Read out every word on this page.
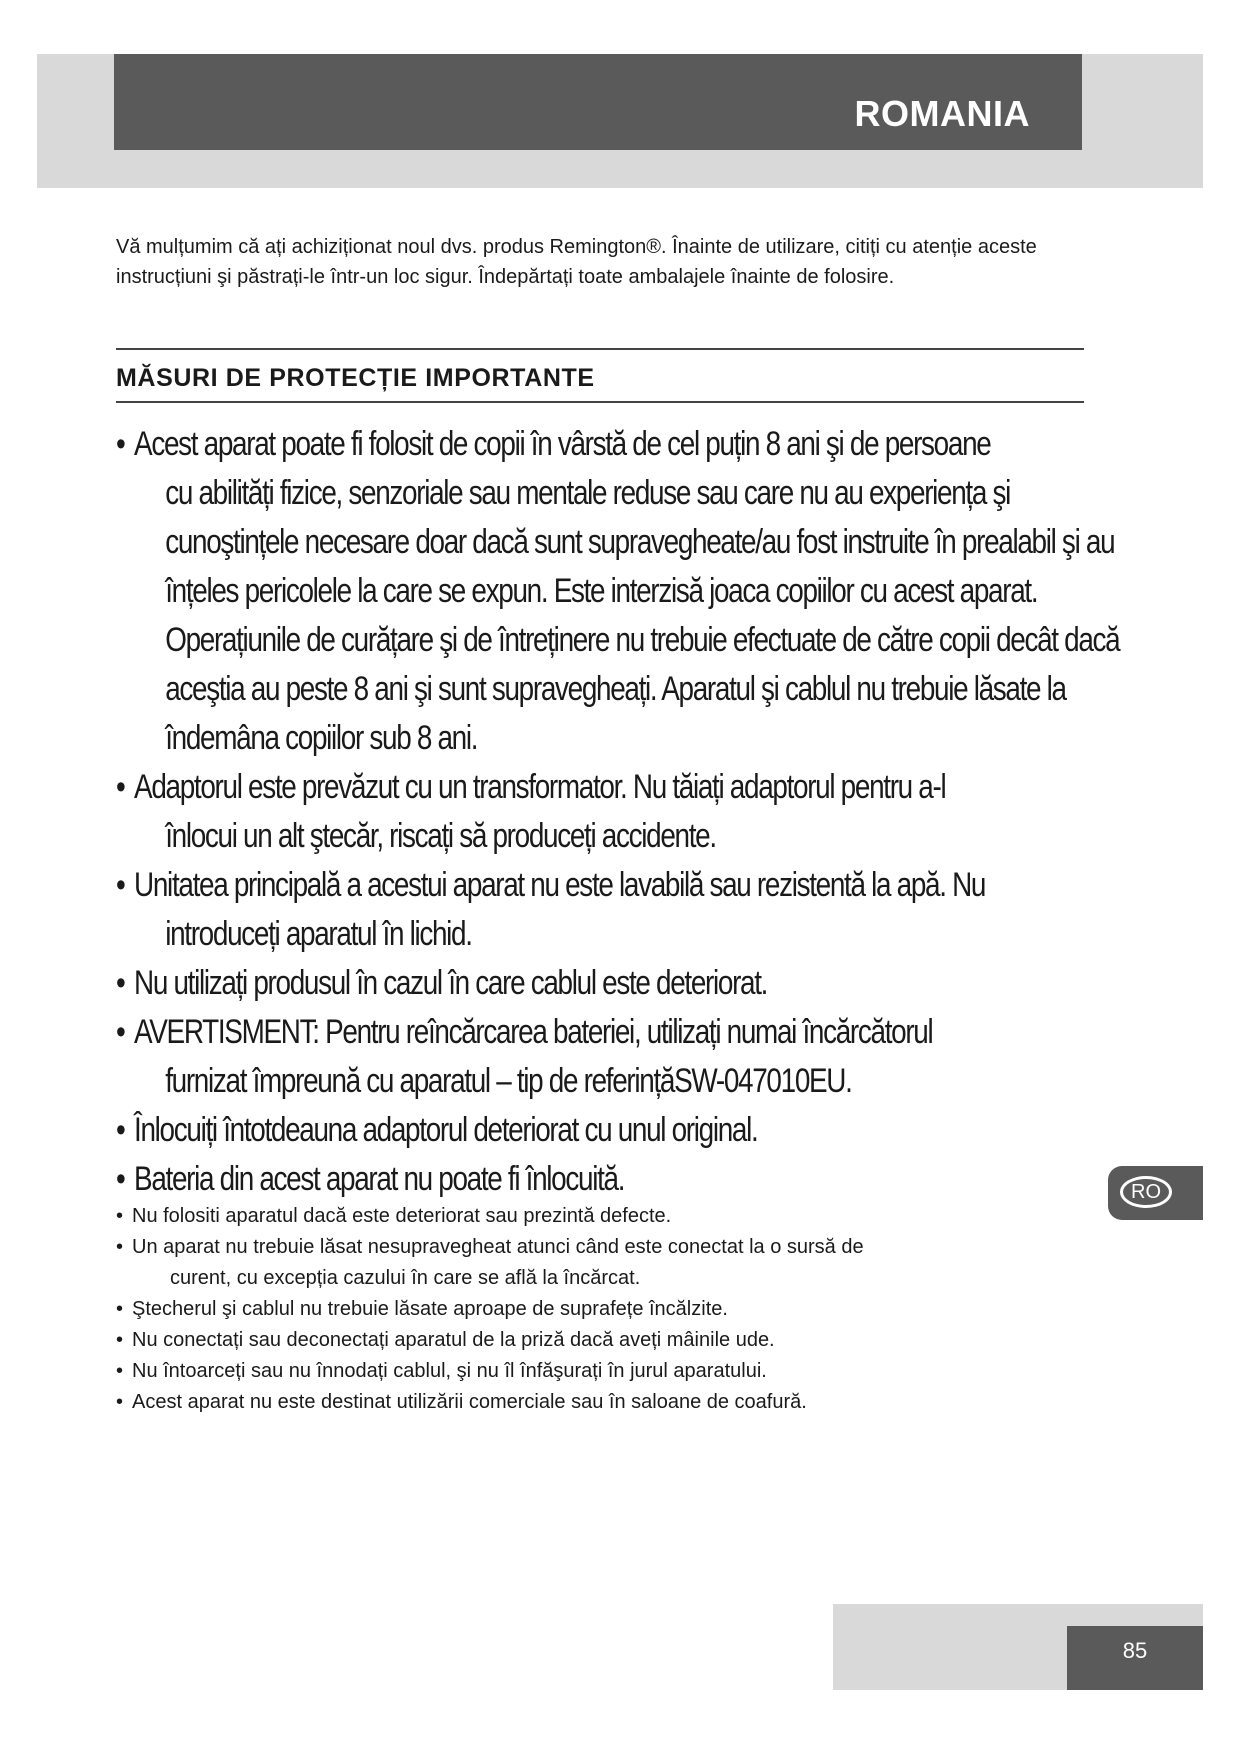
ROMANIA

Vă mulțumim că ați achiziționat noul dvs. produs Remington®. Înainte de utilizare, citiți cu atenție aceste instrucțiuni şi păstrați-le într-un loc sigur. Îndepărtați toate ambalajele înainte de folosire.

MĂSURI DE PROTECȚIE IMPORTANTE
• Acest aparat poate fi folosit de copii în vârstă de cel puțin 8 ani şi de persoane
cu abilități fizice, senzoriale sau mentale reduse sau care nu au experiența şi cunoştințele necesare doar dacă sunt supravegheate/au fost instruite în prealabil şi au înțeles pericolele la care se expun. Este interzisă joaca copiilor cu acest aparat. Operațiunile de curățare şi de întreținere nu trebuie efectuate de către copii decât dacă aceştia au peste 8 ani şi sunt supravegheați. Aparatul şi cablul nu trebuie lăsate la îndemâna copiilor sub 8 ani.
• Adaptorul este prevăzut cu un transformator. Nu tăiați adaptorul pentru a-l
înlocui un alt ştecăr, riscați să produceți accidente.
• Unitatea principală a acestui aparat nu este lavabilă sau rezistentă la apă. Nu
introduceți aparatul în lichid.
• Nu utilizați produsul în cazul în care cablul este deteriorat.
• AVERTISMENT: Pentru reîncărcarea bateriei, utilizați numai încărcătorul
furnizat împreună cu aparatul – tip de referințăSW-047010EU.
• Înlocuiți întotdeauna adaptorul deteriorat cu unul original.
• Bateria din acest aparat nu poate fi înlocuită.
• Nu folositi aparatul dacă este deteriorat sau prezintă defecte.
• Un aparat nu trebuie lăsat nesupravegheat atunci când este conectat la o sursă de
curent, cu excepția cazului în care se află la încărcat.
• Ştecherul şi cablul nu trebuie lăsate aproape de suprafețe încălzite.
• Nu conectați sau deconectați aparatul de la priză dacă aveți mâinile ude.
• Nu întoarceți sau nu înnodați cablul, şi nu îl înfăşurați în jurul aparatului.
• Acest aparat nu este destinat utilizării comerciale sau în saloane de coafură.
RO
85
